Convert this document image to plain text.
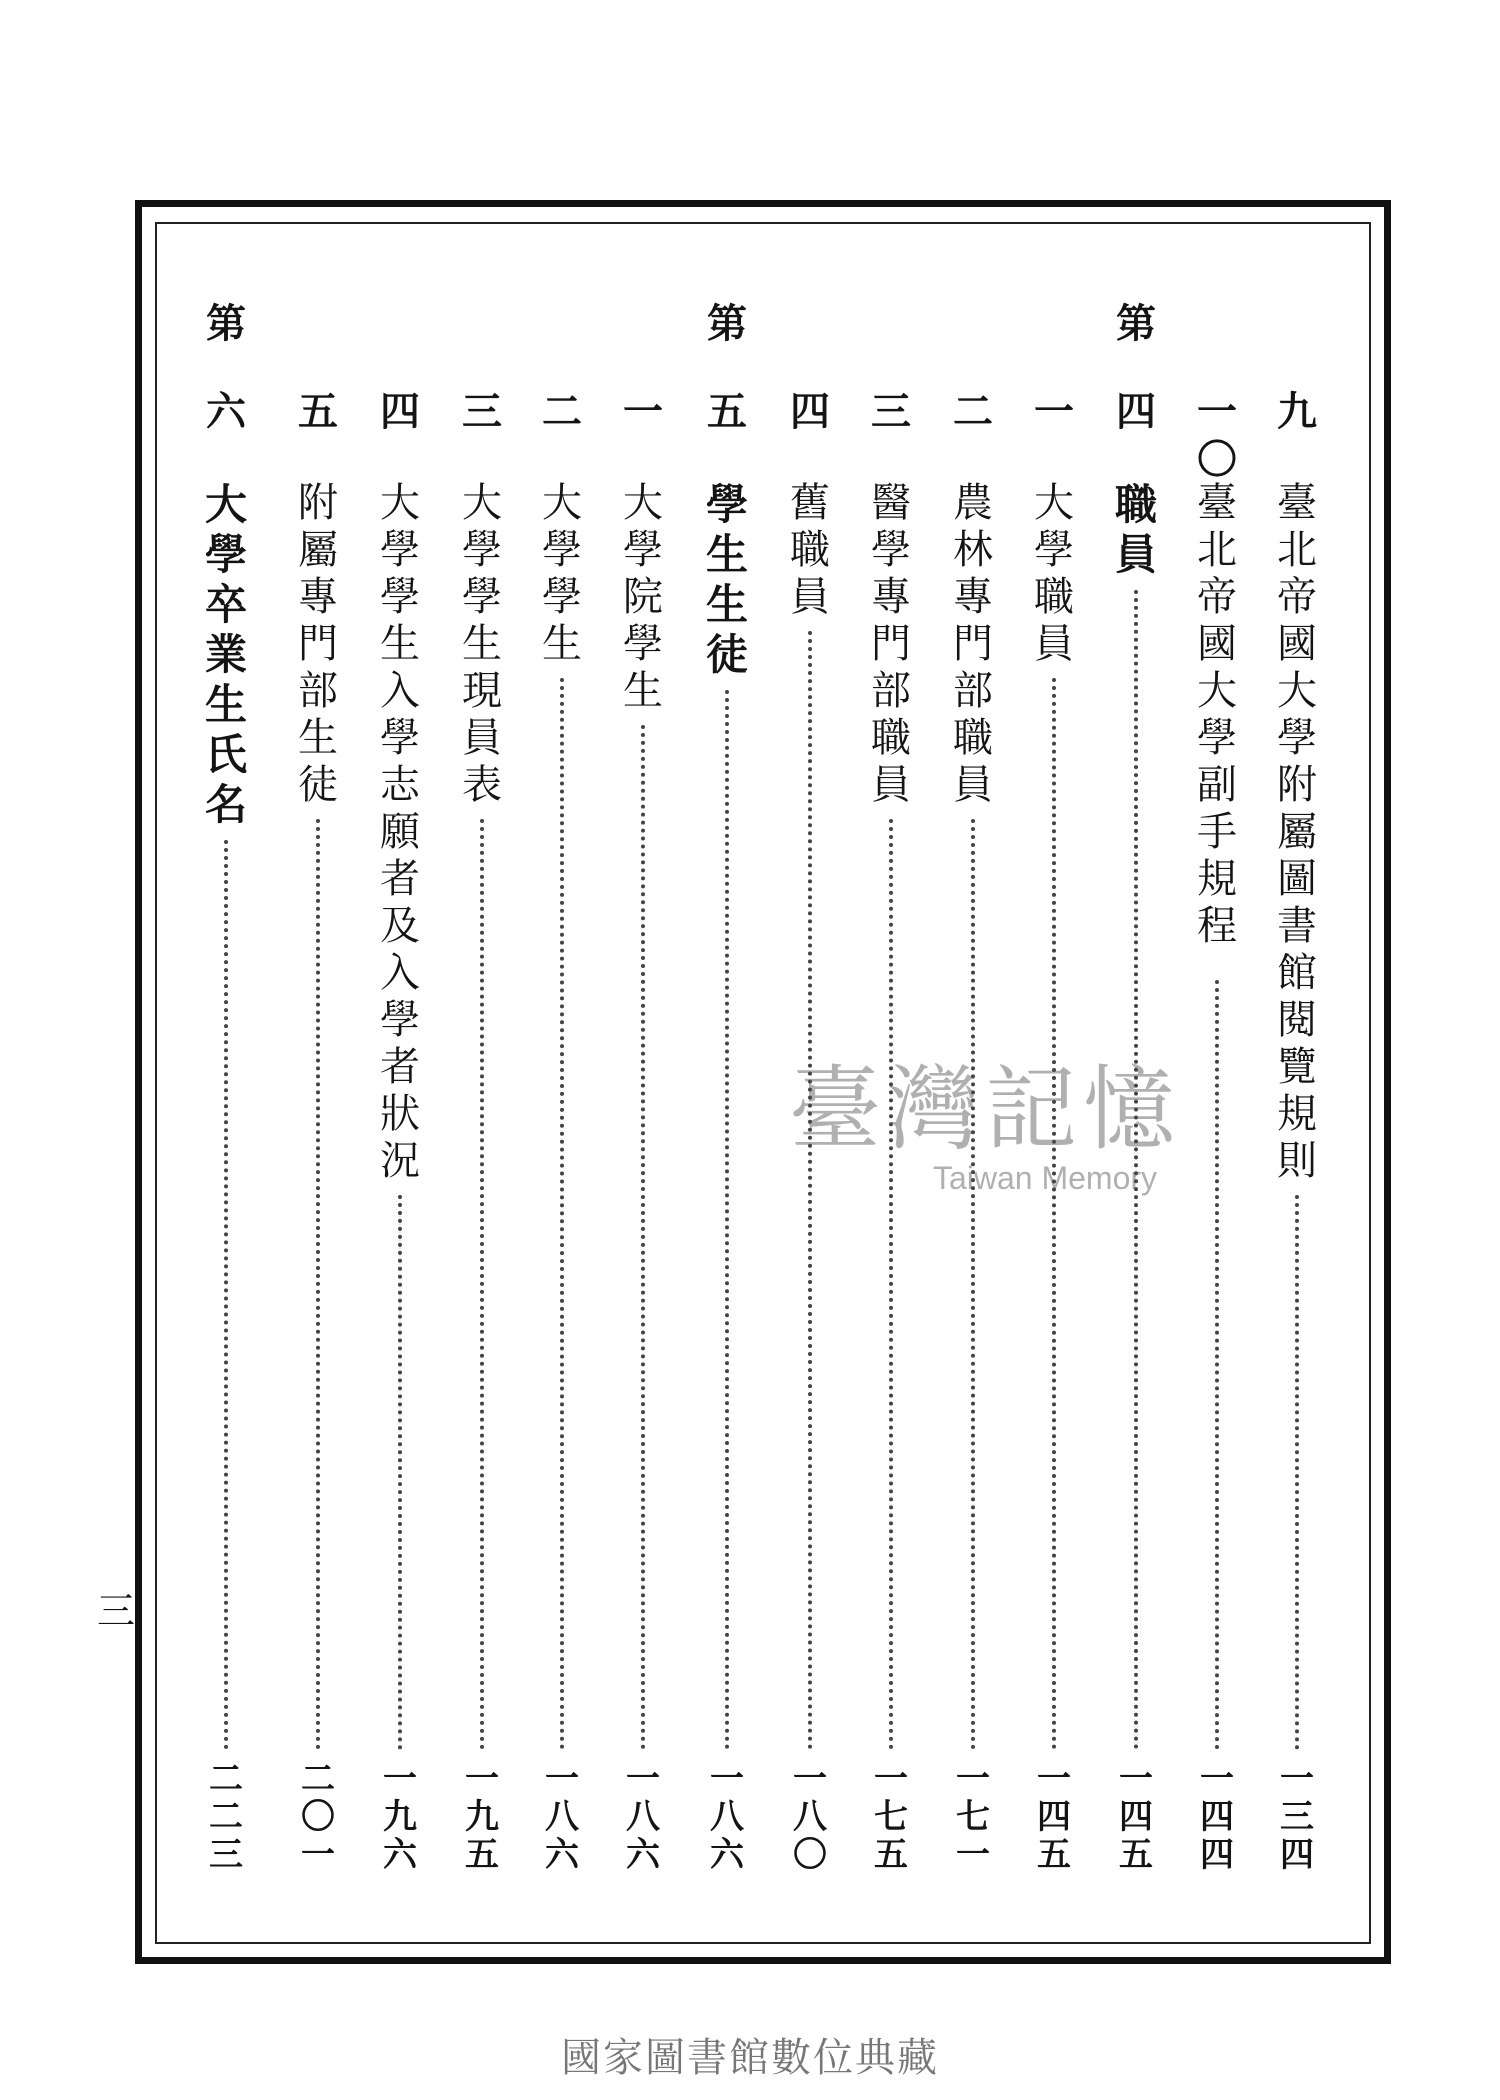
九
臺
北
帝
國
大
學
附
屬
圖
書
館
閱
覽
規
則
一
三
四
一
〇
臺
北
帝
國
大
學
副
手
規
程
一
四
四
第
四
職
員
一
四
五
一
大
學
職
員
一
四
五
二
農
林
專
門
部
職
員
一
七
一
三
醫
學
專
門
部
職
員
一
七
五
四
舊
職
員
一
八
〇
第
五
學
生
生
徒
一
八
六
一
大
學
院
學
生
一
八
六
二
大
學
學
生
一
八
六
三
大
學
學
生
現
員
表
一
九
五
四
大
學
學
生
入
學
志
願
者
及
入
學
者
狀
況
一
九
六
五
附
屬
專
門
部
生
徒
二
〇
一
第
六
大
學
卒
業
生
氏
名
二
二
三
三
臺灣記憶
Taiwan Memory
國家圖書館數位典藏
